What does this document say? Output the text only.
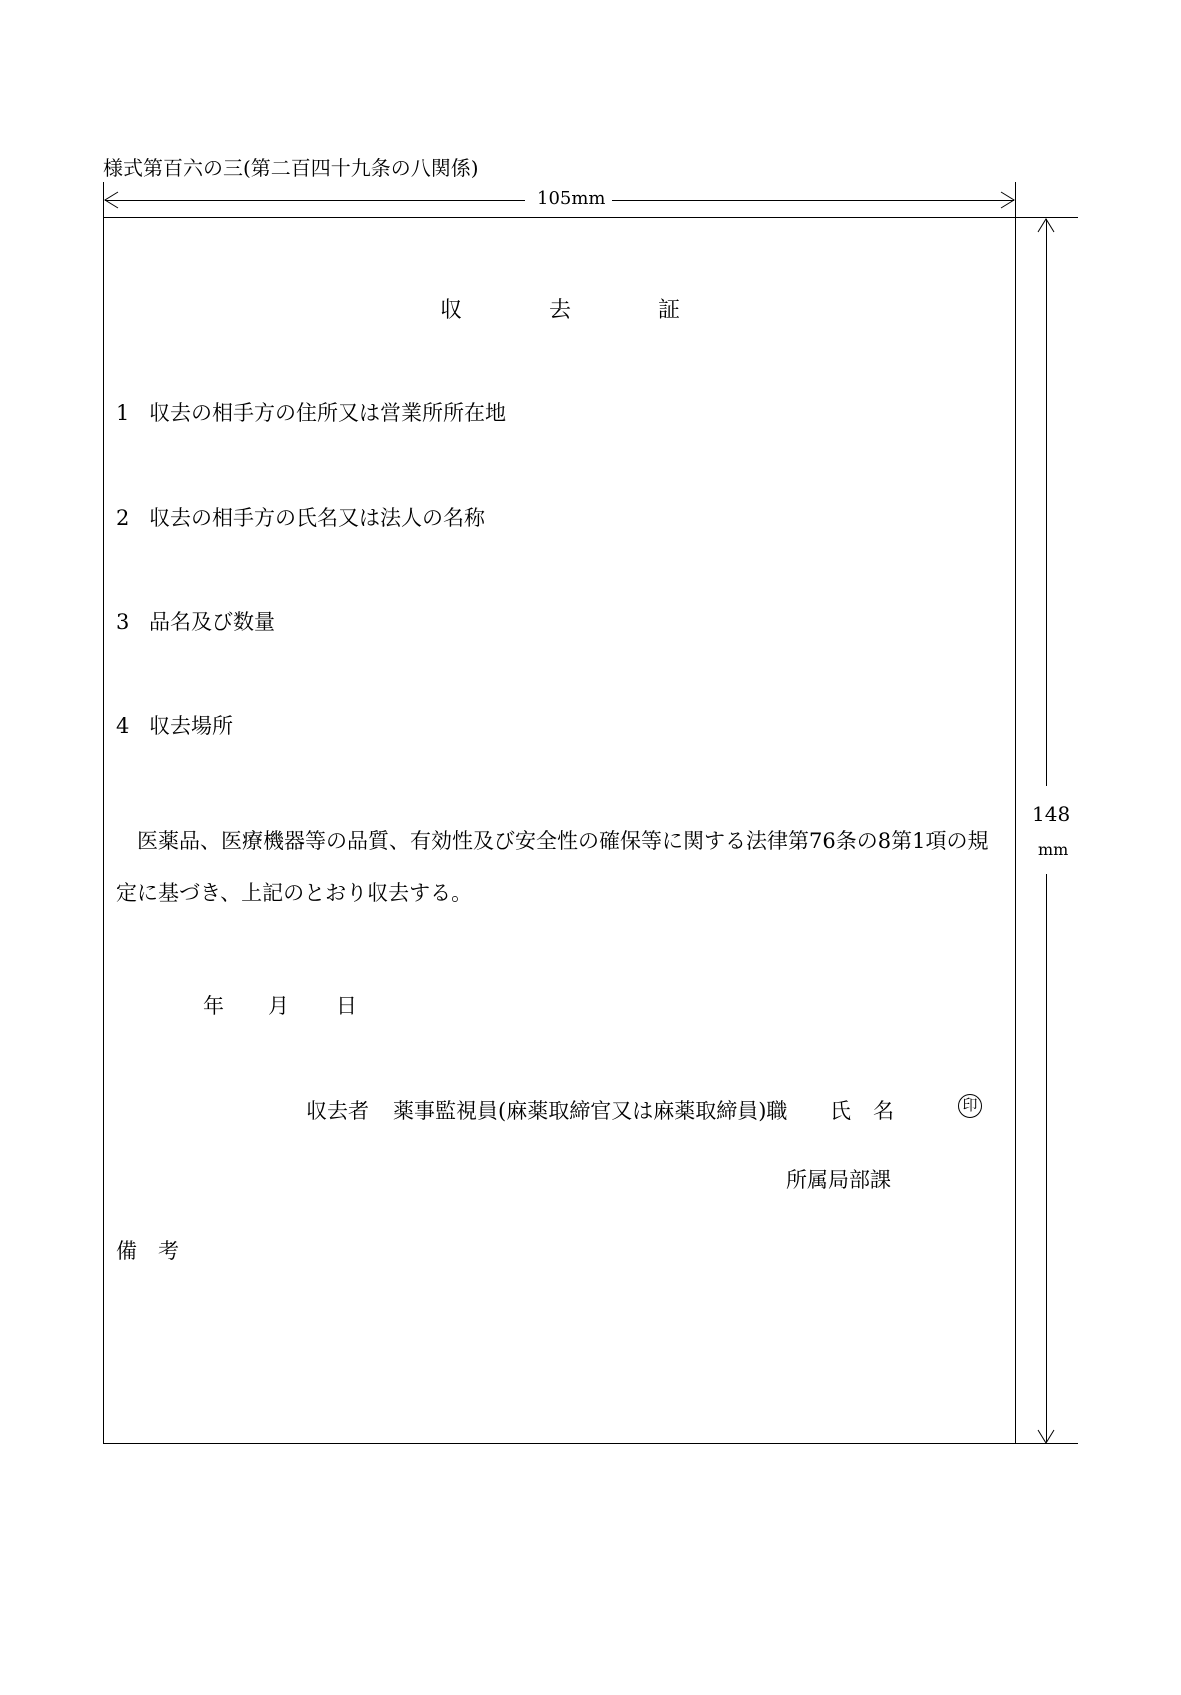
様式第百六の三(第二百四十九条の八関係)
105mm
148
mm
収	去	証
1 収去の相手方の住所又は営業所所在地
2 収去の相手方の氏名又は法人の名称
3 品名及び数量
4 収去場所
医薬品、医療機器等の品質、有効性及び安全性の確保等に関する法律第76条の8第1項の規
定に基づき、上記のとおり収去する。
年 月 日
収去者 薬事監視員(麻薬取締官又は麻薬取締員)職	氏 名	印
所属局部課
備 考
